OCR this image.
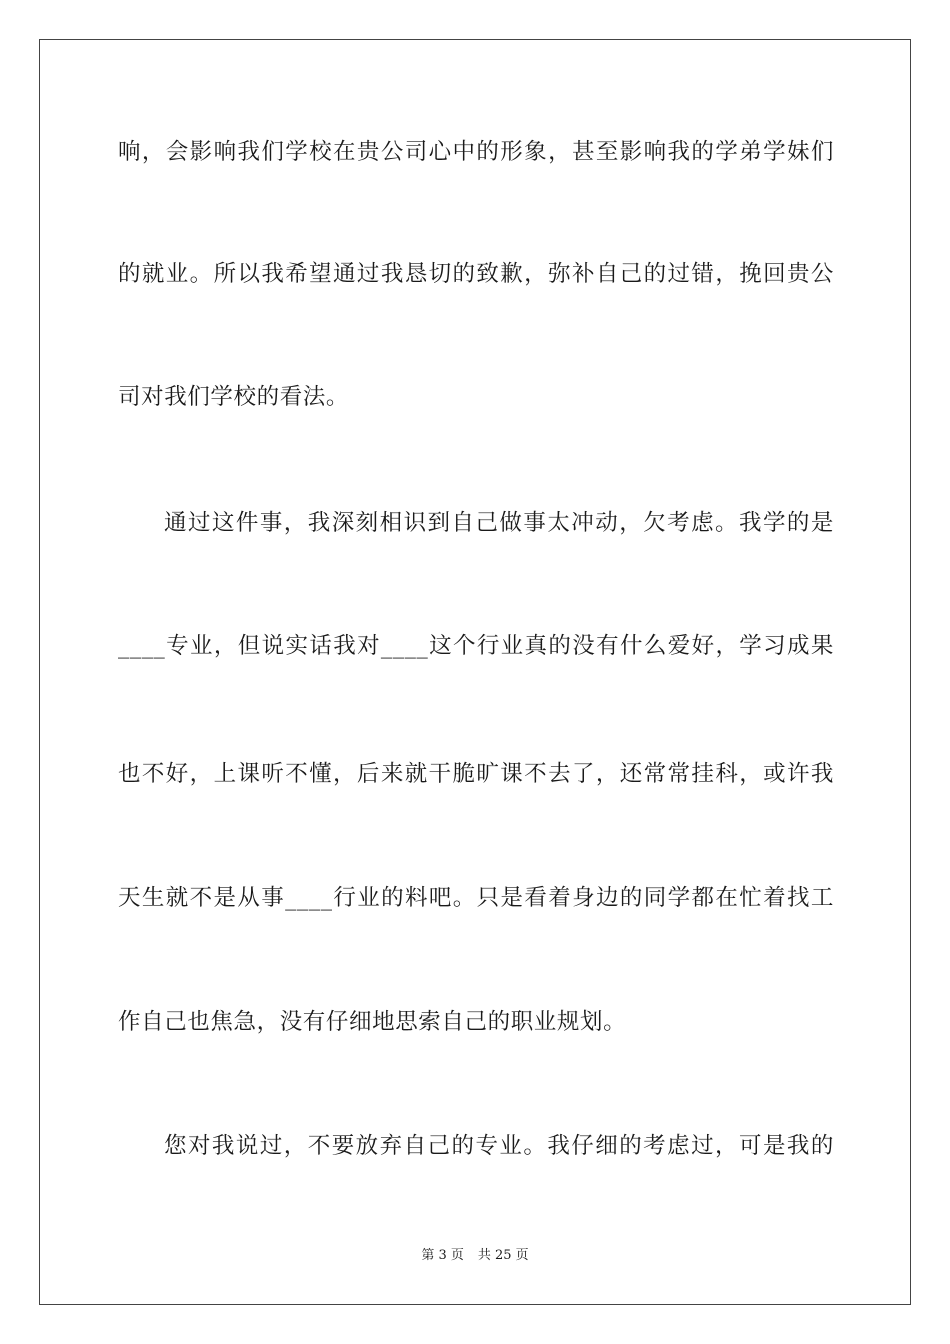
响，会影响我们学校在贵公司心中的形象，甚至影响我的学弟学妹们
的就业。所以我希望通过我恳切的致歉，弥补自己的过错，挽回贵公
司对我们学校的看法。
通过这件事，我深刻相识到自己做事太冲动，欠考虑。我学的是
____专业，但说实话我对____这个行业真的没有什么爱好，学习成果
也不好，上课听不懂，后来就干脆旷课不去了，还常常挂科，或许我
天生就不是从事____行业的料吧。只是看着身边的同学都在忙着找工
作自己也焦急，没有仔细地思索自己的职业规划。
您对我说过，不要放弃自己的专业。我仔细的考虑过，可是我的
第 3 页 共 25 页
